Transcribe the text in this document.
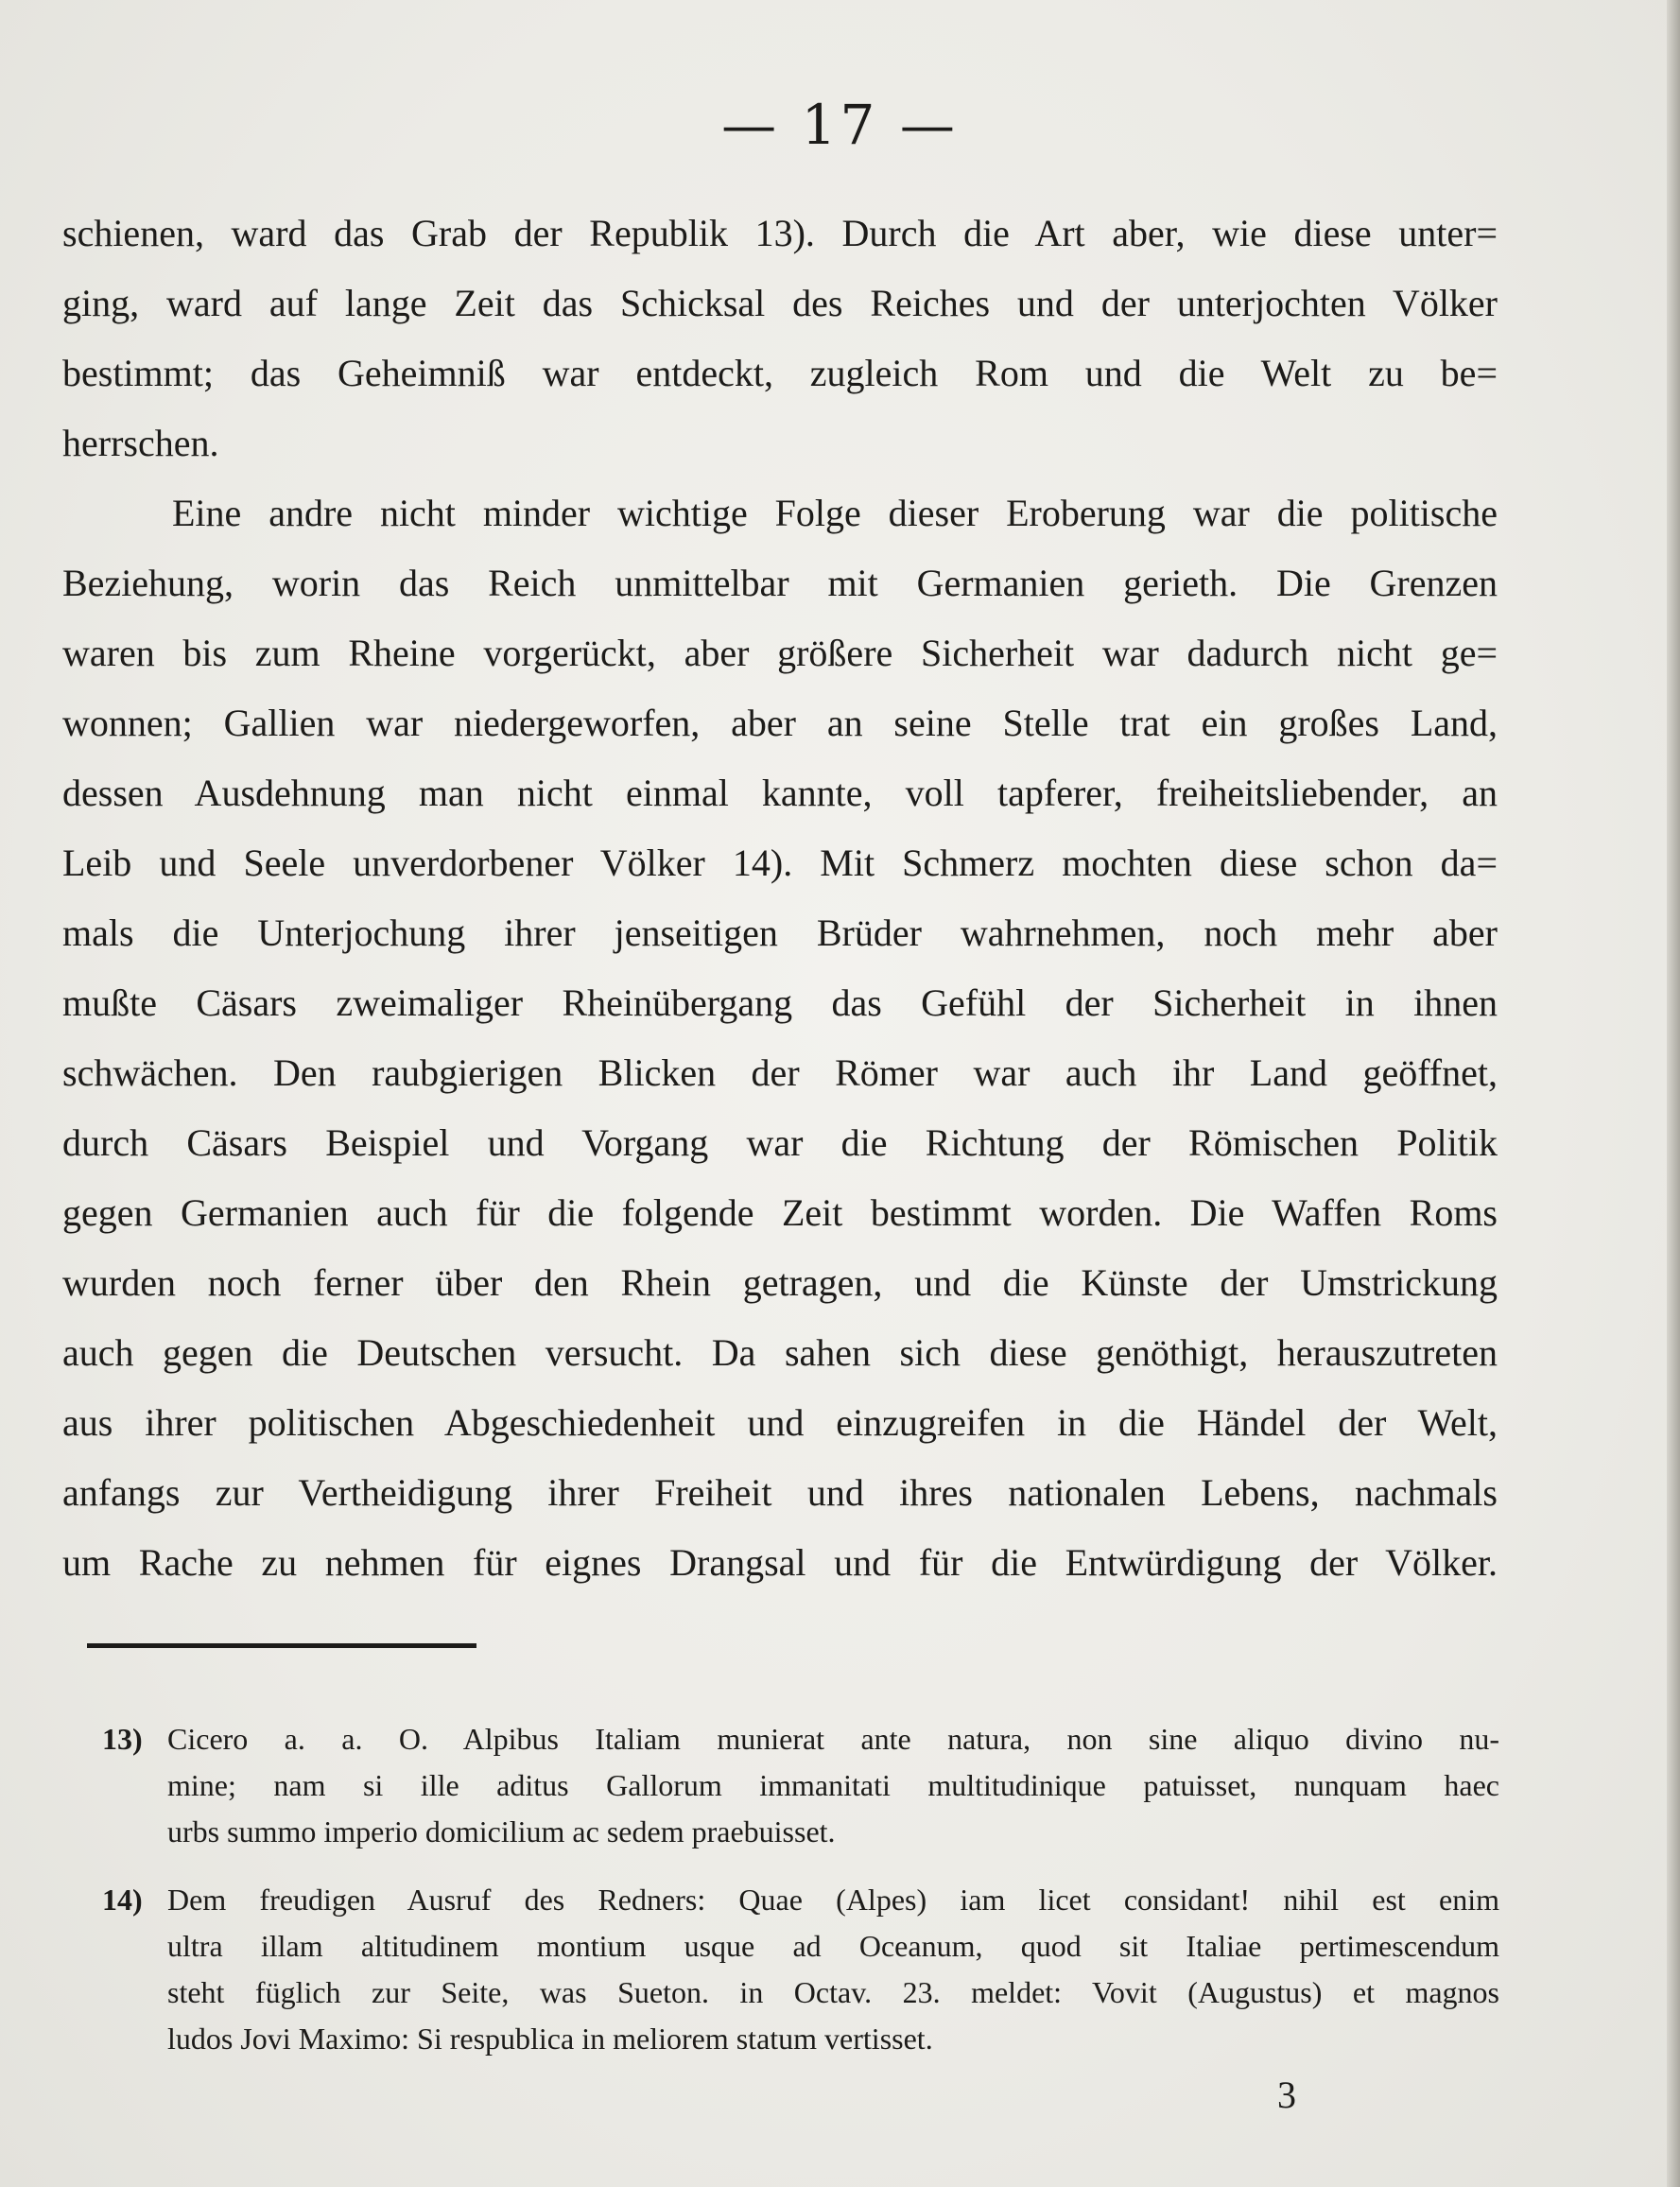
— 17 —
schienen, ward das Grab der Republik 13). Durch die Art aber, wie diese unter=
ging, ward auf lange Zeit das Schicksal des Reiches und der unterjochten Völker
bestimmt; das Geheimniß war entdeckt, zugleich Rom und die Welt zu be=
herrschen.
Eine andre nicht minder wichtige Folge dieser Eroberung war die politische
Beziehung, worin das Reich unmittelbar mit Germanien gerieth. Die Grenzen
waren bis zum Rheine vorgerückt, aber größere Sicherheit war dadurch nicht ge=
wonnen; Gallien war niedergeworfen, aber an seine Stelle trat ein großes Land,
dessen Ausdehnung man nicht einmal kannte, voll tapferer, freiheitsliebender, an
Leib und Seele unverdorbener Völker 14). Mit Schmerz mochten diese schon da=
mals die Unterjochung ihrer jenseitigen Brüder wahrnehmen, noch mehr aber
mußte Cäsars zweimaliger Rheinübergang das Gefühl der Sicherheit in ihnen
schwächen. Den raubgierigen Blicken der Römer war auch ihr Land geöffnet,
durch Cäsars Beispiel und Vorgang war die Richtung der Römischen Politik
gegen Germanien auch für die folgende Zeit bestimmt worden. Die Waffen Roms
wurden noch ferner über den Rhein getragen, und die Künste der Umstrickung
auch gegen die Deutschen versucht. Da sahen sich diese genöthigt, herauszutreten
aus ihrer politischen Abgeschiedenheit und einzugreifen in die Händel der Welt,
anfangs zur Vertheidigung ihrer Freiheit und ihres nationalen Lebens, nachmals
um Rache zu nehmen für eignes Drangsal und für die Entwürdigung der Völker.
13) Cicero a. a. O. Alpibus Italiam munierat ante natura, non sine aliquo divino nu-
mine; nam si ille aditus Gallorum immanitati multitudinique patuisset, nunquam haec
urbs summo imperio domicilium ac sedem praebuisset.
14) Dem freudigen Ausruf des Redners: Quae (Alpes) iam licet considant! nihil est enim
ultra illam altitudinem montium usque ad Oceanum, quod sit Italiae pertimescendum
steht füglich zur Seite, was Sueton. in Octav. 23. meldet: Vovit (Augustus) et magnos
ludos Jovi Maximo: Si respublica in meliorem statum vertisset.
3
